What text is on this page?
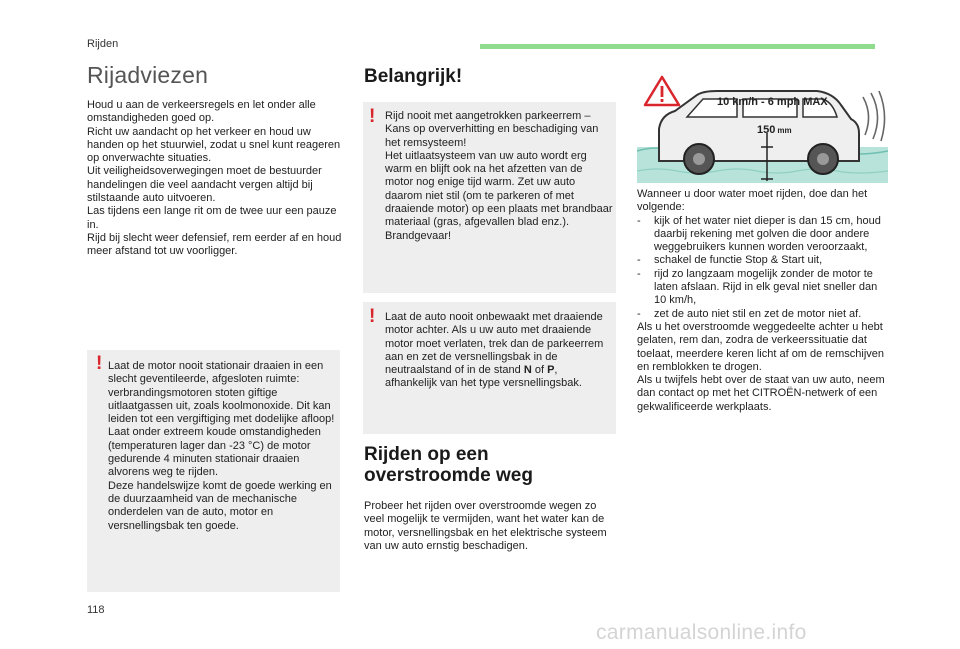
Rijden
Rijadviezen

Houd u aan de verkeersregels en let onder alle omstandigheden goed op.
Richt uw aandacht op het verkeer en houd uw handen op het stuurwiel, zodat u snel kunt reageren op onverwachte situaties.
Uit veiligheidsoverwegingen moet de bestuurder handelingen die veel aandacht vergen altijd bij stilstaande auto uitvoeren.
Las tijdens een lange rit om de twee uur een pauze in.
Rijd bij slecht weer defensief, rem eerder af en houd meer afstand tot uw voorligger.

! Laat de motor nooit stationair draaien in een slecht geventileerde, afgesloten ruimte: verbrandingsmotoren stoten giftige uitlaatgassen uit, zoals koolmonoxide. Dit kan leiden tot een vergiftiging met dodelijke afloop!
Laat onder extreem koude omstandigheden (temperaturen lager dan -23 °C) de motor gedurende 4 minuten stationair draaien alvorens weg te rijden.
Deze handelswijze komt de goede werking en de duurzaamheid van de mechanische onderdelen van de auto, motor en versnellingsbak ten goede.

Belangrijk!
! Rijd nooit met aangetrokken parkeerrem – Kans op oververhitting en beschadiging van het remsysteem!
Het uitlaatsysteem van uw auto wordt erg warm en blijft ook na het afzetten van de motor nog enige tijd warm. Zet uw auto daarom niet stil (om te parkeren of met draaiende motor) op een plaats met brandbaar materiaal (gras, afgevallen blad enz.). Brandgevaar!

! Laat de auto nooit onbewaakt met draaiende motor achter. Als u uw auto met draaiende motor moet verlaten, trek dan de parkeerrem aan en zet de versnellingsbak in de neutraalstand of in de stand N of P, afhankelijk van het type versnellingsbak.

Rijden op een overstroomde weg

Probeer het rijden over overstroomde wegen zo veel mogelijk te vermijden, want het water kan de motor, versnellingsbak en het elektrische systeem van uw auto ernstig beschadigen.

10 km/h - 6 mph MAX
150 mm

Wanneer u door water moet rijden, doe dan het volgende:

- kijk of het water niet dieper is dan 15 cm, houd daarbij rekening met golven die door andere weggebruikers kunnen worden veroorzaakt,
- schakel de functie Stop & Start uit,
- rijd zo langzaam mogelijk zonder de motor te laten afslaan. Rijd in elk geval niet sneller dan 10 km/h,
- zet de auto niet stil en zet de motor niet af.

Als u het overstroomde weggedeelte achter u hebt gelaten, rem dan, zodra de verkeerssituatie dat toelaat, meerdere keren licht af om de remschijven en remblokken te drogen.
Als u twijfels hebt over de staat van uw auto, neem dan contact op met het CITROËN-netwerk of een gekwalificeerde werkplaats.

118
carmanualsonline.info
